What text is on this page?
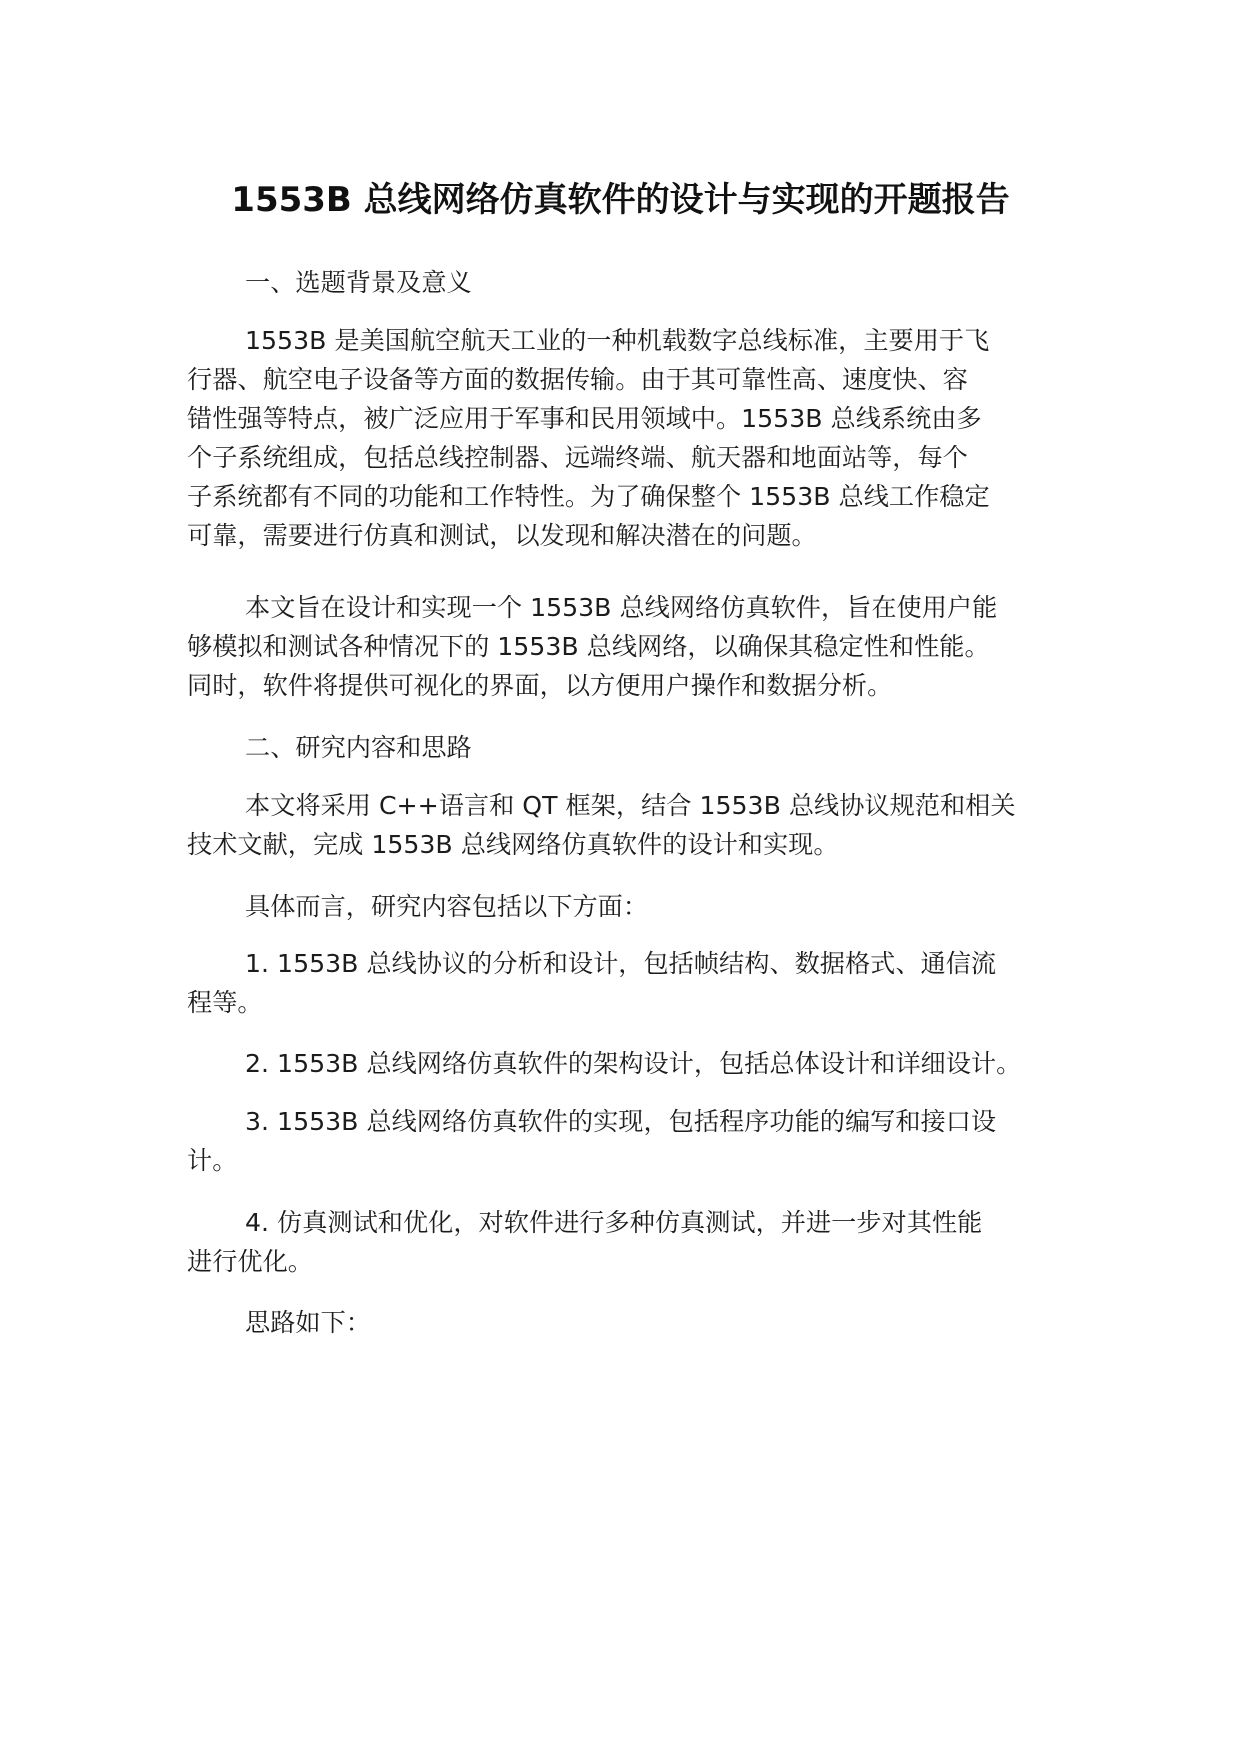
1553B 总线网络仿真软件的设计与实现的开题报告
一、选题背景及意义
1553B 是美国航空航天工业的一种机载数字总线标准，主要用于飞
行器、航空电子设备等方面的数据传输。由于其可靠性高、速度快、容
错性强等特点，被广泛应用于军事和民用领域中。1553B 总线系统由多
个子系统组成，包括总线控制器、远端终端、航天器和地面站等，每个
子系统都有不同的功能和工作特性。为了确保整个 1553B 总线工作稳定
可靠，需要进行仿真和测试，以发现和解决潜在的问题。
本文旨在设计和实现一个 1553B 总线网络仿真软件，旨在使用户能
够模拟和测试各种情况下的 1553B 总线网络，以确保其稳定性和性能。
同时，软件将提供可视化的界面，以方便用户操作和数据分析。
二、研究内容和思路
本文将采用 C++语言和 QT 框架，结合 1553B 总线协议规范和相关
技术文献，完成 1553B 总线网络仿真软件的设计和实现。
具体而言，研究内容包括以下方面：
1. 1553B 总线协议的分析和设计，包括帧结构、数据格式、通信流
程等。
2. 1553B 总线网络仿真软件的架构设计，包括总体设计和详细设计。
3. 1553B 总线网络仿真软件的实现，包括程序功能的编写和接口设
计。
4. 仿真测试和优化，对软件进行多种仿真测试，并进一步对其性能
进行优化。
思路如下：
